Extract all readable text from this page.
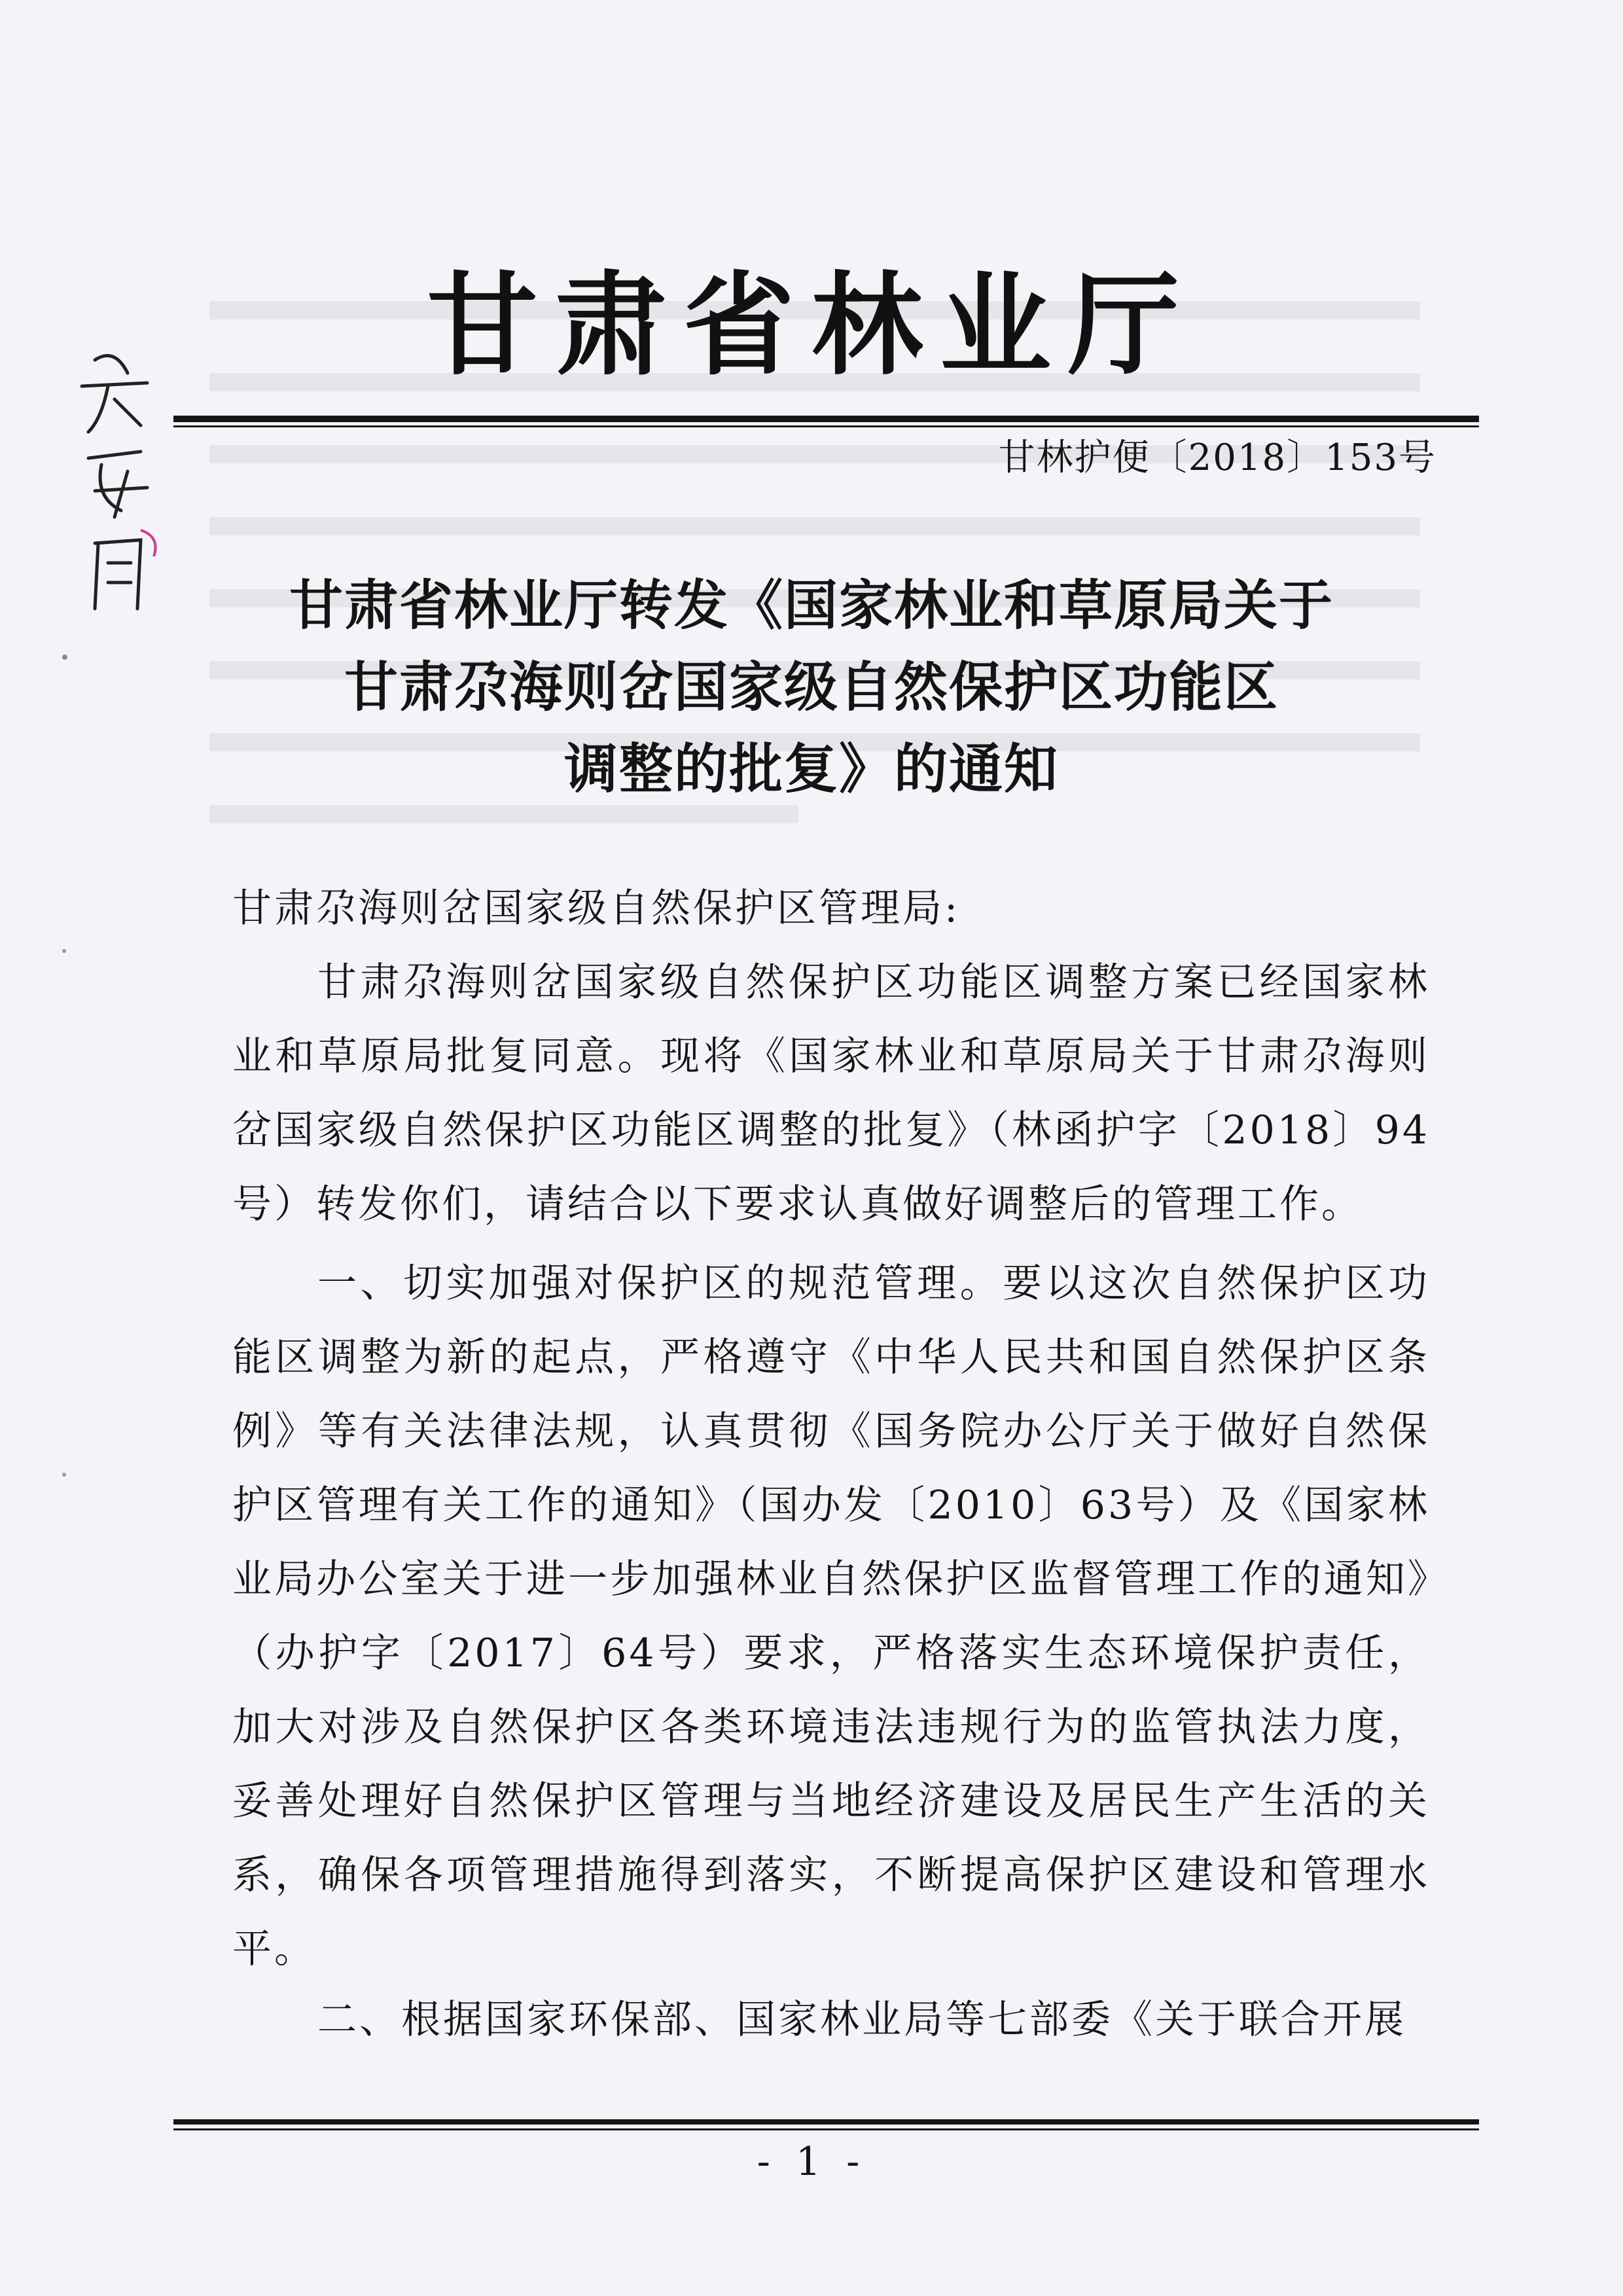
甘肃省林业厅
甘林护便〔2018〕153号
甘肃省林业厅转发《国家林业和草原局关于
甘肃尕海则岔国家级自然保护区功能区
调整的批复》的通知
甘肃尕海则岔国家级自然保护区管理局:
甘肃尕海则岔国家级自然保护区功能区调整方案已经国家林业和草原局批复同意。现将《国家林业和草原局关于甘肃尕海则岔国家级自然保护区功能区调整的批复》（林函护字〔2018〕94号）转发你们，请结合以下要求认真做好调整后的管理工作。
一、切实加强对保护区的规范管理。要以这次自然保护区功能区调整为新的起点，严格遵守《中华人民共和国自然保护区条例》等有关法律法规，认真贯彻《国务院办公厅关于做好自然保护区管理有关工作的通知》（国办发〔2010〕63号）及《国家林业局办公室关于进一步加强林业自然保护区监督管理工作的通知》（办护字〔2017〕64号）要求，严格落实生态环境保护责任，加大对涉及自然保护区各类环境违法违规行为的监管执法力度，妥善处理好自然保护区管理与当地经济建设及居民生产生活的关系，确保各项管理措施得到落实，不断提高保护区建设和管理水平。
二、根据国家环保部、国家林业局等七部委《关于联合开展
- 1 -
